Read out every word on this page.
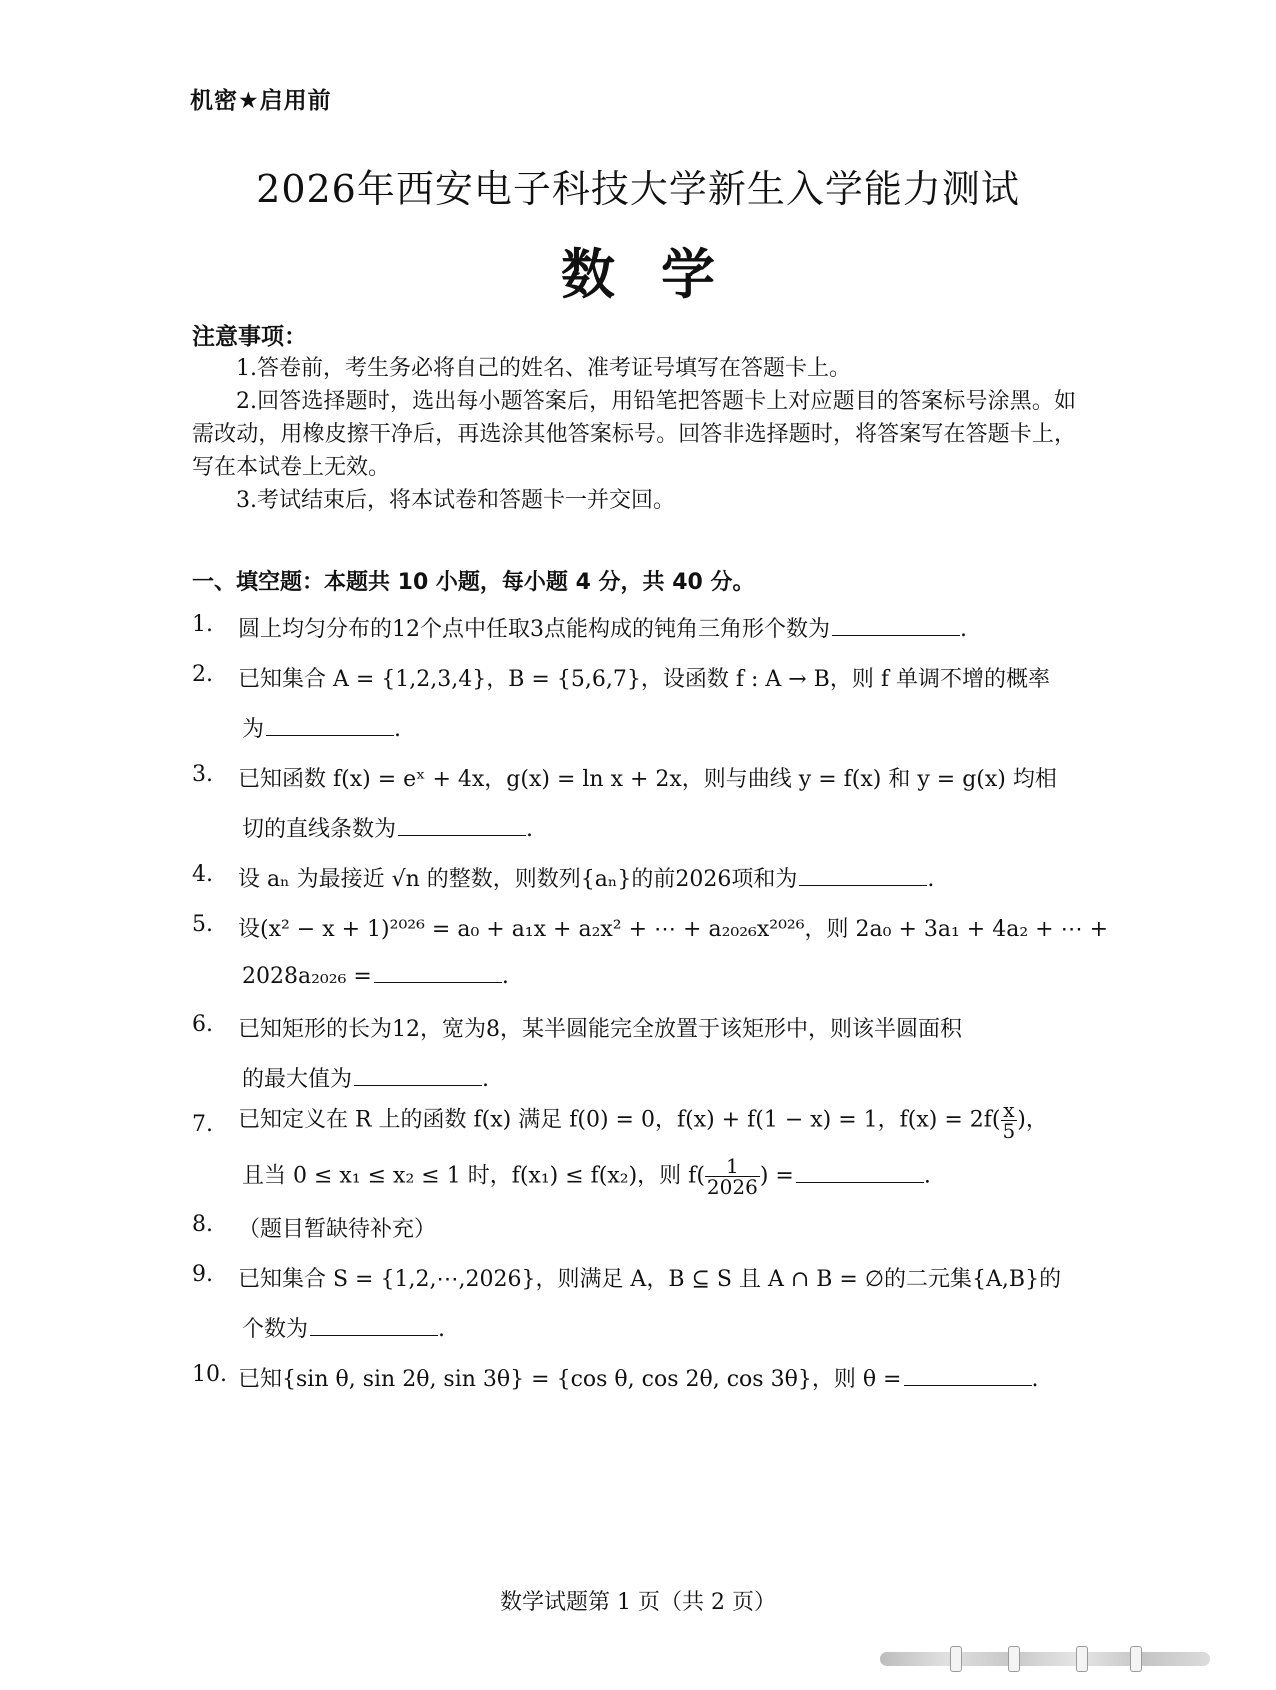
机密★启用前
2026年西安电子科技大学新生入学能力测试
数学
注意事项：

1.答卷前，考生务必将自己的姓名、准考证号填写在答题卡上。

2.回答选择题时，选出每小题答案后，用铅笔把答题卡上对应题目的答案标号涂黑。如需改动，用橡皮擦干净后，再选涂其他答案标号。回答非选择题时，将答案写在答题卡上，写在本试卷上无效。

3.考试结束后，将本试卷和答题卡一并交回。

一、填空题：本题共 10 小题，每小题 4 分，共 40 分。
1.	圆上均匀分布的12个点中任取3点能构成的钝角三角形个数为	.
2.	已知集合 A = {1,2,3,4}，B = {5,6,7}，设函数 f : A → B，则 f 单调不增的概率
为	.
3.	已知函数 f(x) = eˣ + 4x，g(x) = ln x + 2x，则与曲线 y = f(x) 和 y = g(x) 均相
切的直线条数为	.
4.	设 aₙ 为最接近 √n 的整数，则数列{aₙ}的前2026项和为	.
5.	设(x² − x + 1)²⁰²⁶ = a₀ + a₁x + a₂x² + ⋯ + a₂₀₂₆x²⁰²⁶，则 2a₀ + 3a₁ + 4a₂ + ⋯ +
2028a₂₀₂₆ =	.
6.	已知矩形的长为12，宽为8，某半圆能完全放置于该矩形中，则该半圆面积
的最大值为	.
7.	已知定义在 R 上的函数 f(x) 满足 f(0) = 0，f(x) + f(1 − x) = 1，$f(x) = 2f( \frac{x}{5}$ )，
且当 0 ≤ x₁ ≤ x₂ ≤ 1 时，f(x₁) ≤ f(x₂)，则 $f( \frac{1}{2026}$ ) =	.
8.	（题目暂缺待补充）
9.	已知集合 S = {1,2,⋯,2026}，则满足 A，B ⊆ S 且 A ∩ B = ∅的二元集{A,B}的
个数为	.
10. 已知{sin θ, sin 2θ, sin 3θ} = {cos θ, cos 2θ, cos 3θ}，则 θ =	.
数学试题第 1 页（共 2 页）
